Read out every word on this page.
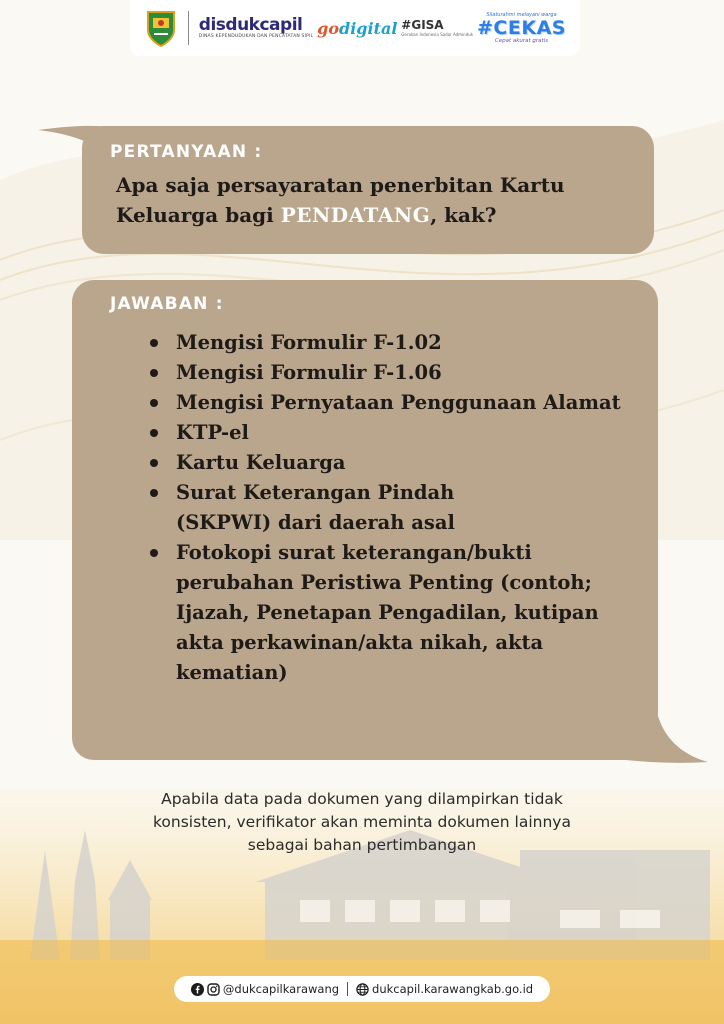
disdukcapil
DINAS KEPENDUDUKAN DAN PENCATATAN SIPIL godigital #GISA
Gerakan Indonesia Sadar Adminduk
Silaturahmi melayani warga
#CEKAS
Cepat akurat gratis
PERTANYAAN :
Apa saja persayaratan penerbitan Kartu
Keluarga bagi PENDATANG, kak?
JAWABAN :
Mengisi Formulir F-1.02
Mengisi Formulir F-1.06
Mengisi Pernyataan Penggunaan Alamat
KTP-el
Kartu Keluarga
Surat Keterangan Pindah (SKPWI) dari daerah asal
Fotokopi surat keterangan/bukti perubahan Peristiwa Penting (contoh; Ijazah, Penetapan Pengadilan, kutipan akta perkawinan/akta nikah, akta kematian)
Apabila data pada dokumen yang dilampirkan tidak
konsisten, verifikator akan meminta dokumen lainnya
sebagai bahan pertimbangan
@dukcapilkarawang	dukcapil.karawangkab.go.id
